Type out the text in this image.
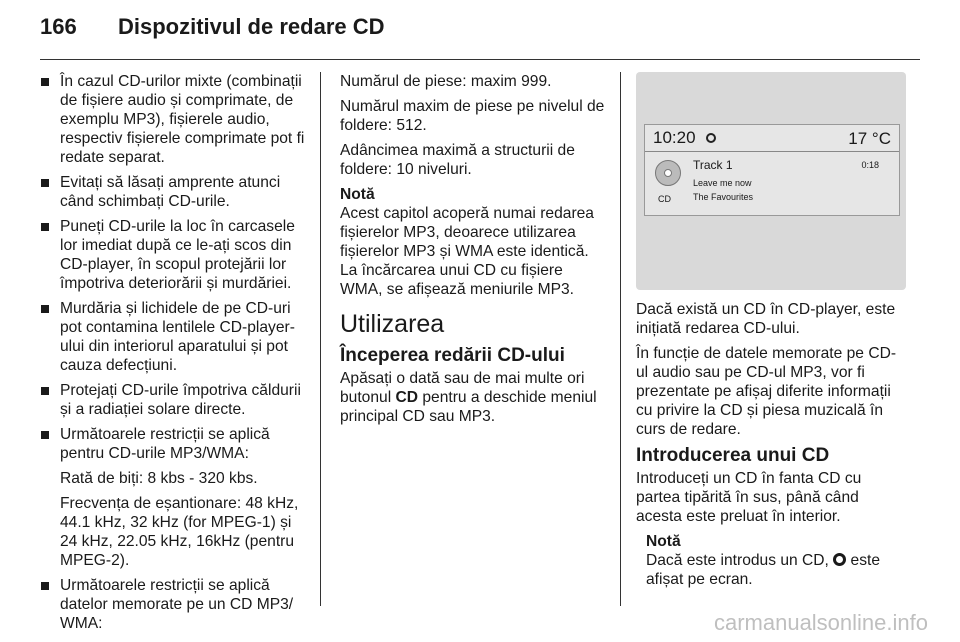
166	Dispozitivul de redare CD
În cazul CD-urilor mixte (combinații de fișiere audio și comprimate, de exemplu MP3), fișierele audio, respectiv fișierele comprimate pot fi redate separat.
Evitați să lăsați amprente atunci când schimbați CD-urile.
Puneți CD-urile la loc în carcasele lor imediat după ce le-ați scos din CD-player, în scopul protejării lor împotriva deteriorării și murdăriei.
Murdăria și lichidele de pe CD-uri pot contamina lentilele CD-player-ului din interiorul aparatului și pot cauza defecțiuni.
Protejați CD-urile împotriva căldurii și a radiației solare directe.
Următoarele restricții se aplică pentru CD-urile MP3/WMA:
Rată de biți: 8 kbs - 320 kbs.
Frecvența de eșantionare: 48 kHz, 44.1 kHz, 32 kHz (for MPEG-1) și 24 kHz, 22.05 kHz, 16kHz (pentru MPEG-2).
Următoarele restricții se aplică datelor memorate pe un CD MP3/ WMA:
Numărul de piese: maxim 999.
Numărul maxim de piese pe nivelul de foldere: 512.
Adâncimea maximă a structurii de foldere: 10 niveluri.
Notă
Acest capitol acoperă numai redarea fișierelor MP3, deoarece utilizarea fișierelor MP3 și WMA este identică. La încărcarea unui CD cu fișiere WMA, se afișează meniurile MP3.
Utilizarea
Începerea redării CD-ului
Apăsați o dată sau de mai multe ori butonul CD pentru a deschide meniul principal CD sau MP3.
10:20	17 °C
CD
Track 1
Leave me now
The Favourites
0:18
Dacă există un CD în CD-player, este inițiată redarea CD-ului.
În funcție de datele memorate pe CD-ul audio sau pe CD-ul MP3, vor fi prezentate pe afișaj diferite informații cu privire la CD și piesa muzicală în curs de redare.
Introducerea unui CD
Introduceți un CD în fanta CD cu partea tipărită în sus, până când acesta este preluat în interior.
Notă
Dacă este introdus un CD,  este afișat pe ecran.
carmanualsonline.info
